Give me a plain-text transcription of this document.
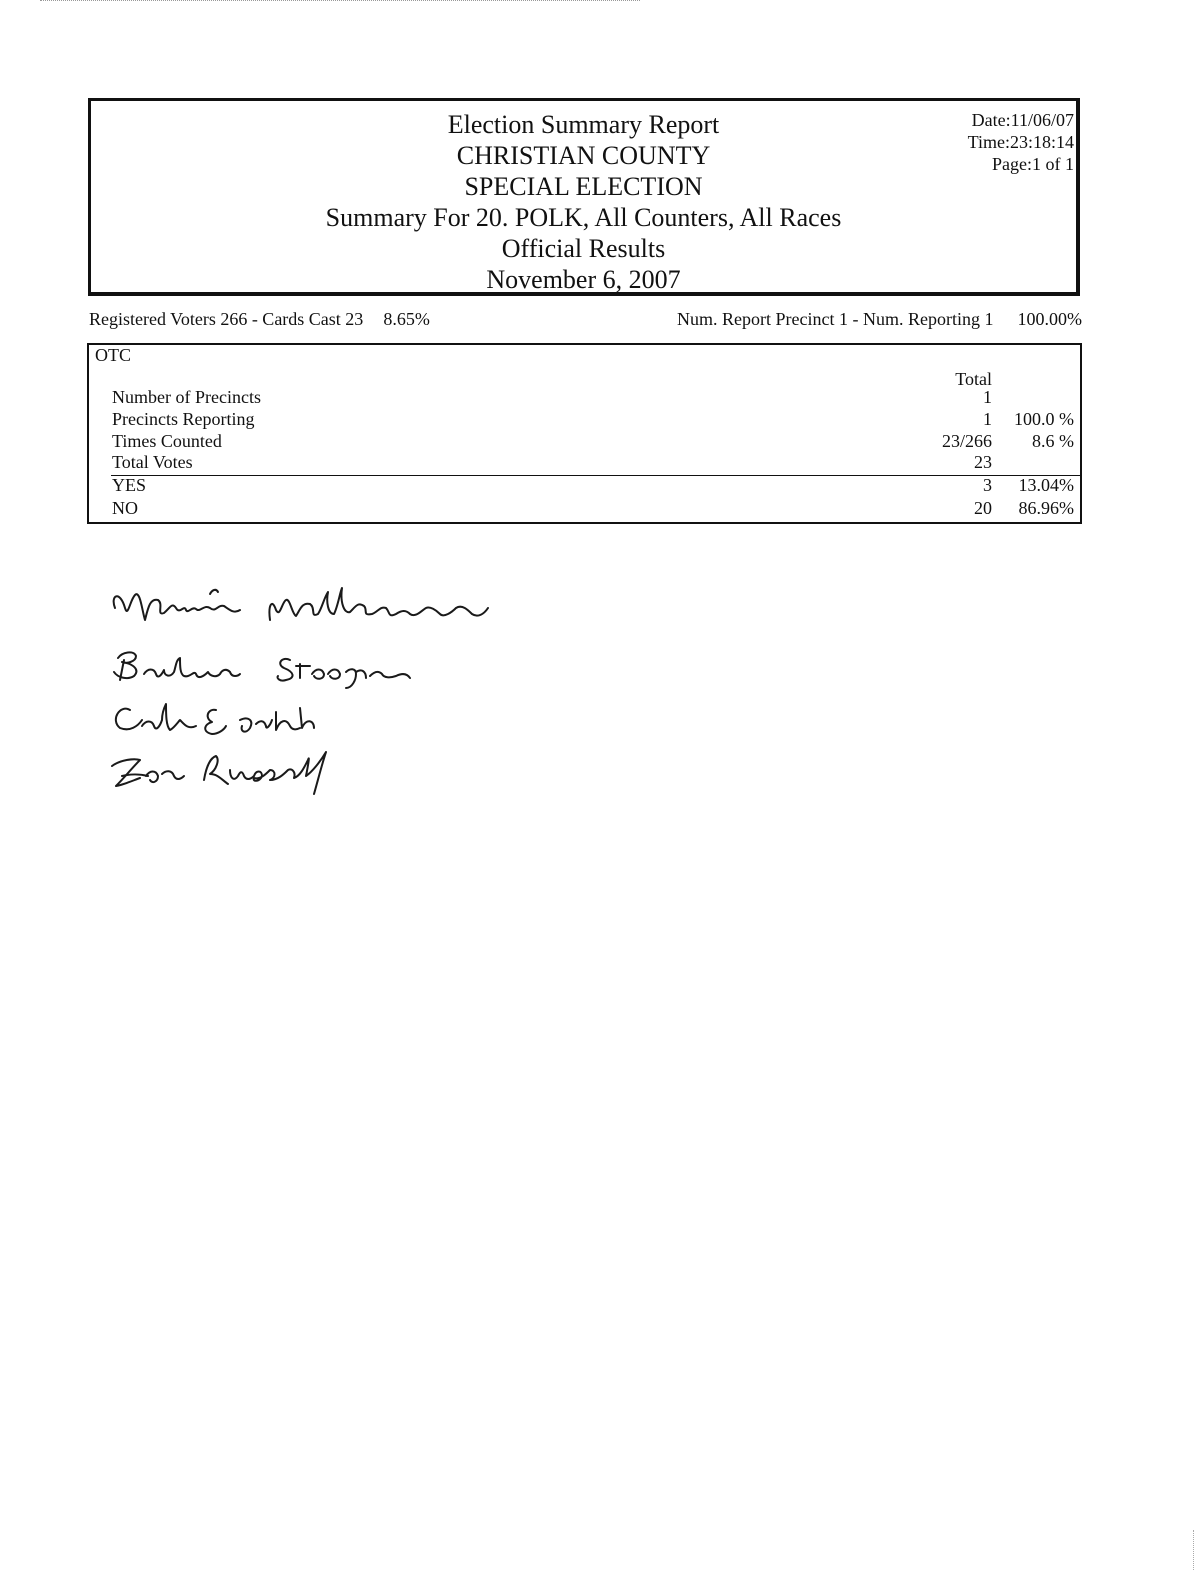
Election Summary Report
CHRISTIAN COUNTY
SPECIAL ELECTION
Summary For 20. POLK, All Counters, All Races
Official Results
November 6, 2007
Date:11/06/07
Time:23:18:14
Page:1 of 1
Registered Voters 266 - Cards Cast 23 8.65%	Num. Report Precinct 1 - Num. Reporting 1 100.00%
OTC
Total
Number of Precincts	1
Precincts Reporting	1 100.0 %
Times Counted	23/266 8.6 %
Total Votes	23
YES	3 13.04%
NO	20 86.96%
